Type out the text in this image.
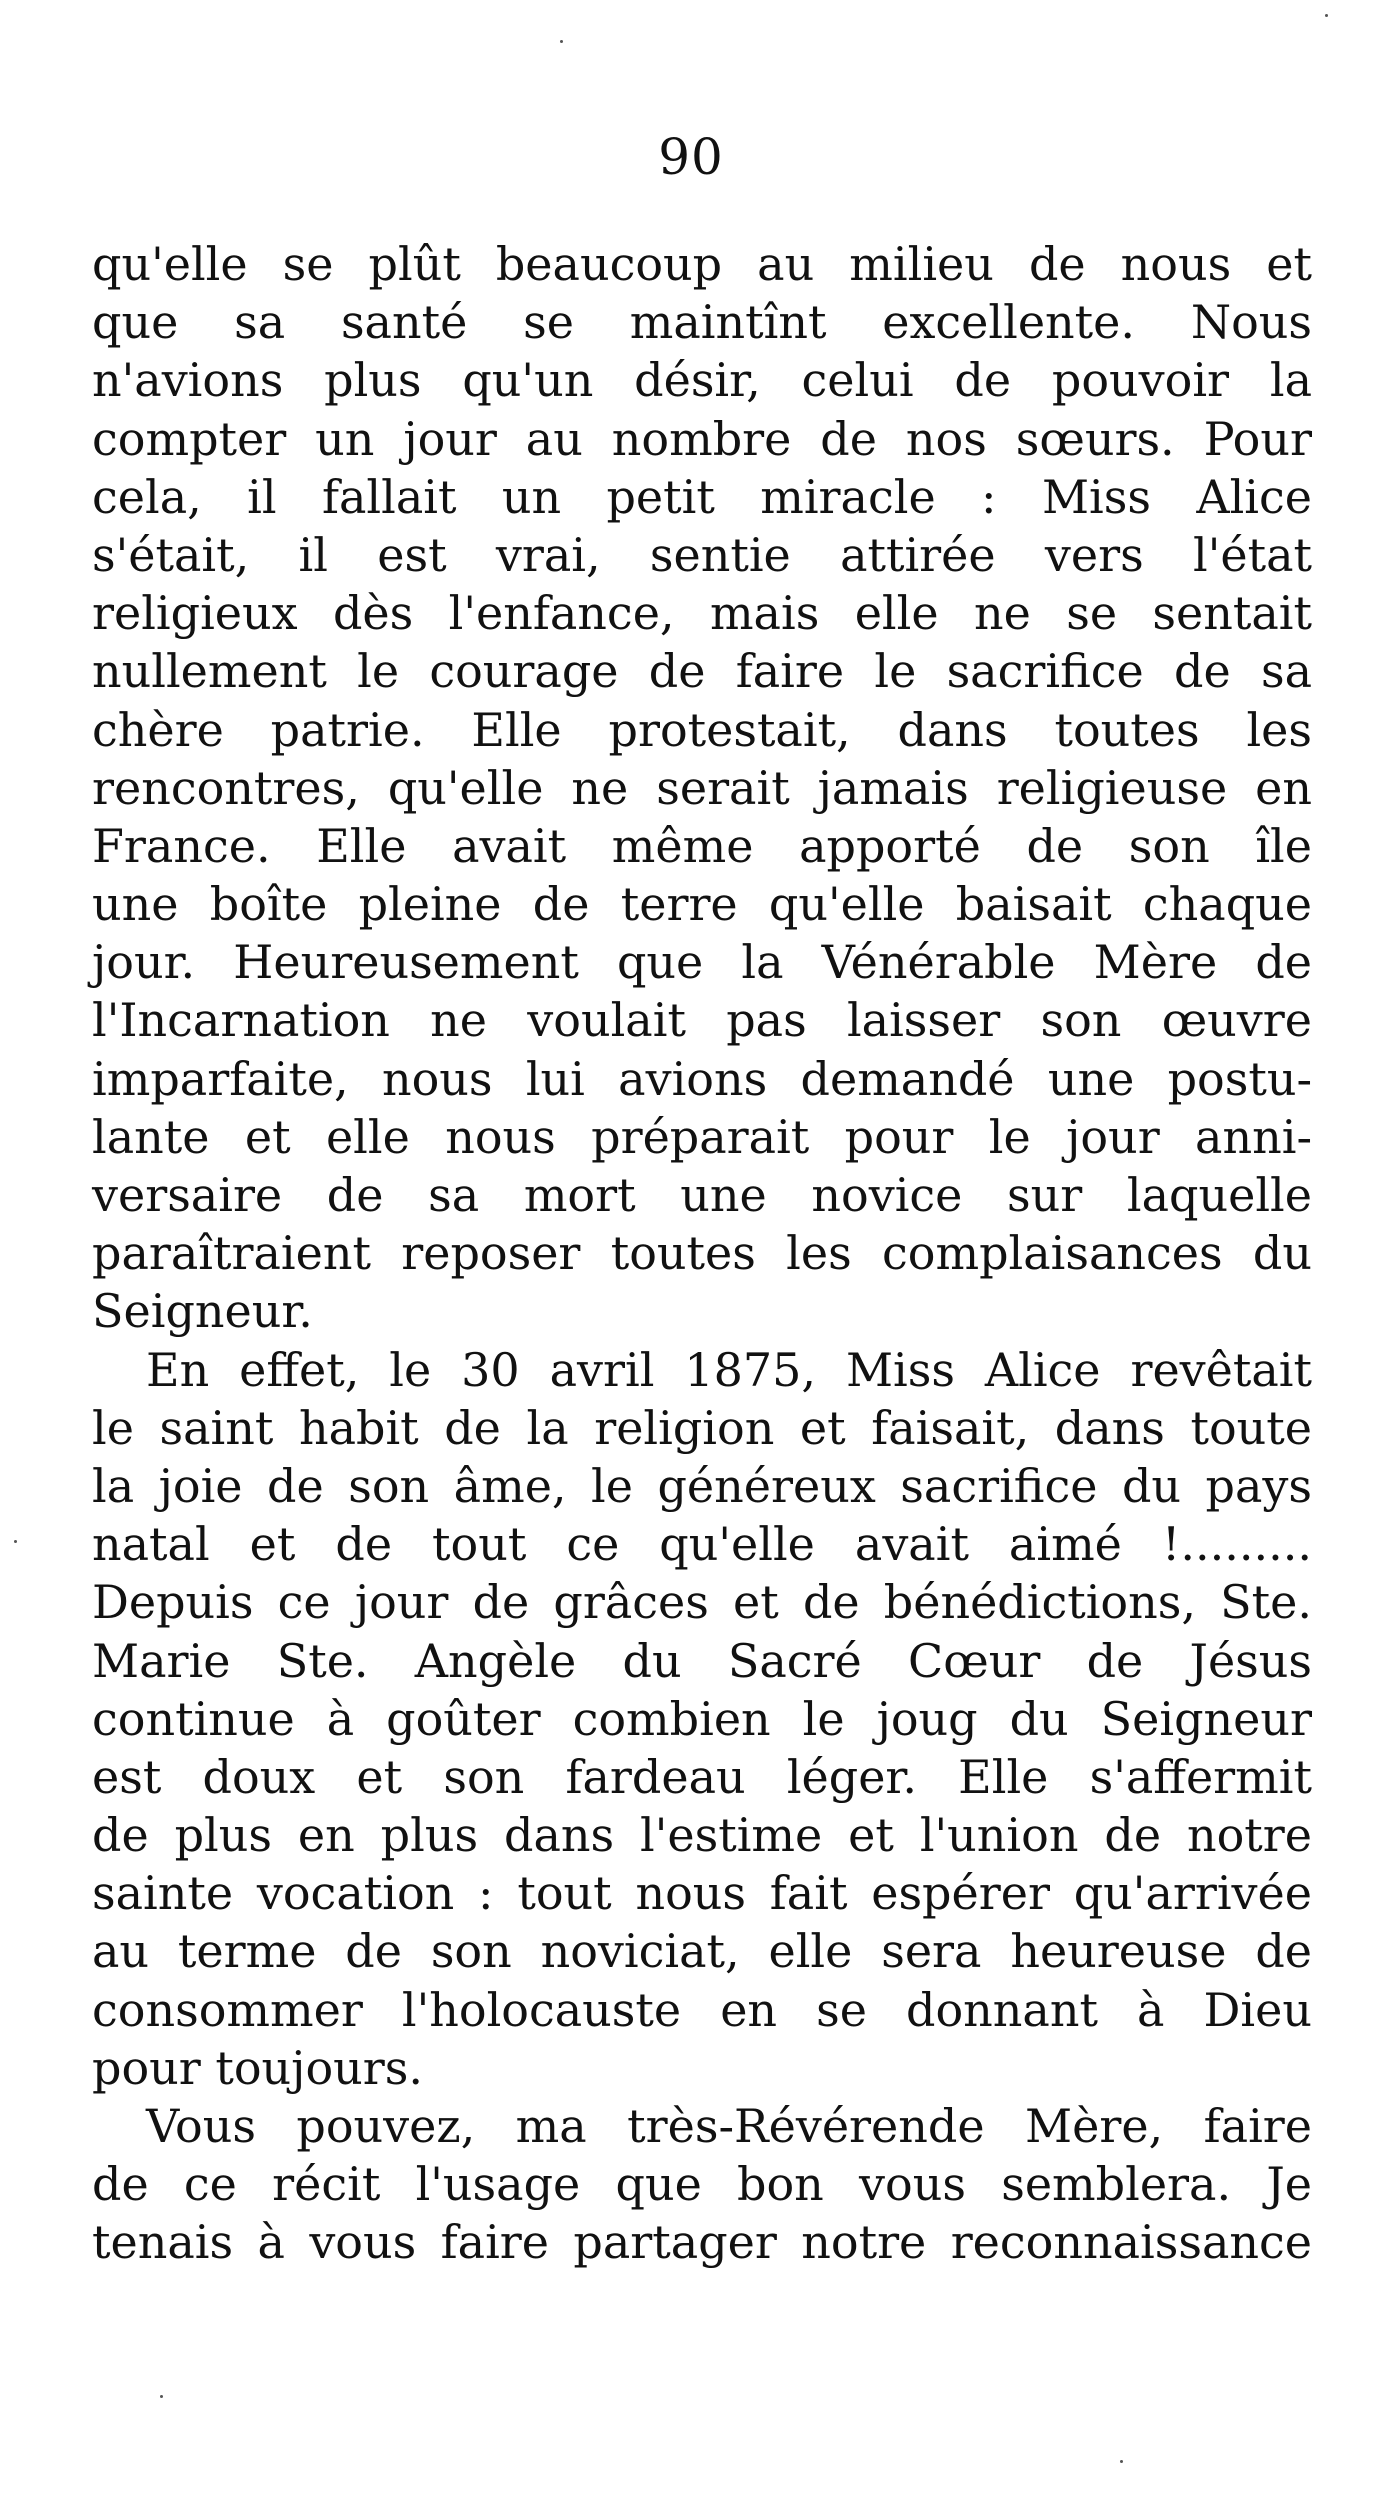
90
qu'elle se plût beaucoup au milieu de nous et
que sa santé se maintînt excellente. Nous
n'avions plus qu'un désir, celui de pouvoir la
compter un jour au nombre de nos sœurs. Pour
cela, il fallait un petit miracle : Miss Alice
s'était, il est vrai, sentie attirée vers l'état
religieux dès l'enfance, mais elle ne se sentait
nullement le courage de faire le sacrifice de sa
chère patrie. Elle protestait, dans toutes les
rencontres, qu'elle ne serait jamais religieuse en
France. Elle avait même apporté de son île
une boîte pleine de terre qu'elle baisait chaque
jour. Heureusement que la Vénérable Mère de
l'Incarnation ne voulait pas laisser son œuvre
imparfaite, nous lui avions demandé une postu-
lante et elle nous préparait pour le jour anni-
versaire de sa mort une novice sur laquelle
paraîtraient reposer toutes les complaisances du
Seigneur.
En effet, le 30 avril 1875, Miss Alice revêtait
le saint habit de la religion et faisait, dans toute
la joie de son âme, le généreux sacrifice du pays
natal et de tout ce qu'elle avait aimé !.........
Depuis ce jour de grâces et de bénédictions, Ste.
Marie Ste. Angèle du Sacré Cœur de Jésus
continue à goûter combien le joug du Seigneur
est doux et son fardeau léger. Elle s'affermit
de plus en plus dans l'estime et l'union de notre
sainte vocation : tout nous fait espérer qu'arrivée
au terme de son noviciat, elle sera heureuse de
consommer l'holocauste en se donnant à Dieu
pour toujours.
Vous pouvez, ma très-Révérende Mère, faire
de ce récit l'usage que bon vous semblera. Je
tenais à vous faire partager notre reconnaissance
